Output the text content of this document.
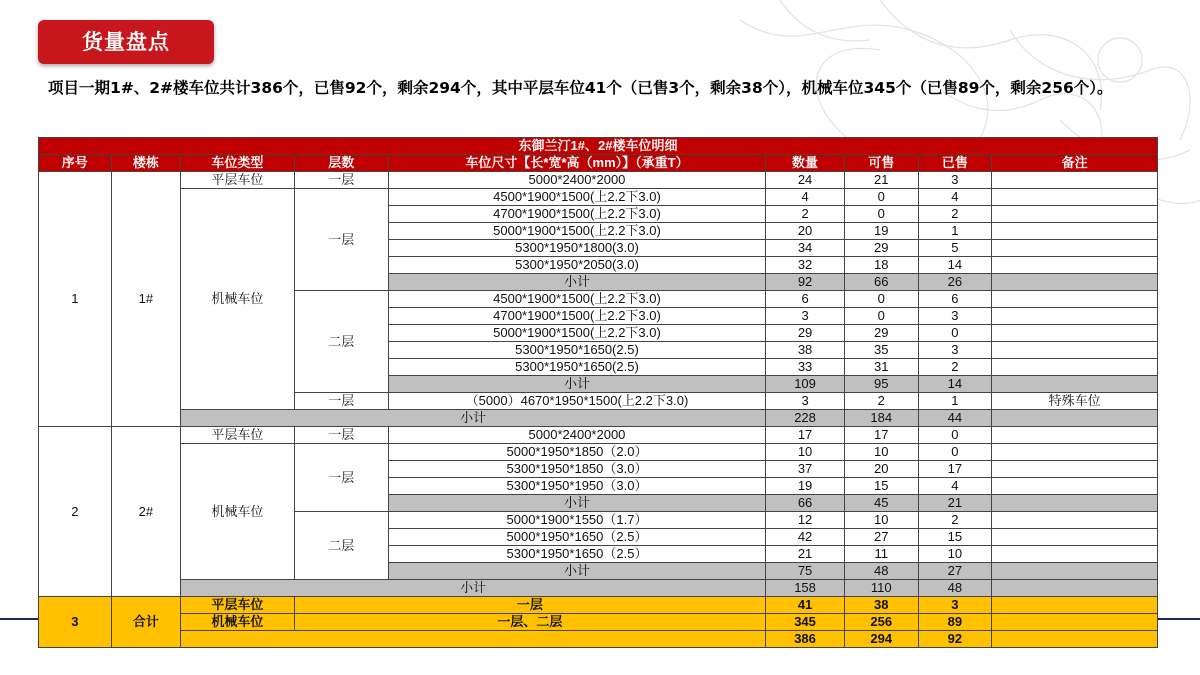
货量盘点
项目一期1#、2#楼车位共计386个，已售92个，剩余294个，其中平层车位41个（已售3个，剩余38个），机械车位345个（已售89个，剩余256个）。
东御兰汀1#、2#楼车位明细								
序号	楼栋	车位类型	层数	车位尺寸【长*宽*高（mm）】（承重T）	数量	可售	已售	备注
1	1#	平层车位	一层	5000*2400*2000	24	21	3	
		机械车位	一层	4500*1900*1500(上2.2下3.0)	4	0	4	
				4700*1900*1500(上2.2下3.0)	2	0	2	
				5000*1900*1500(上2.2下3.0)	20	19	1	
				5300*1950*1800(3.0)	34	29	5	
				5300*1950*2050(3.0)	32	18	14	
				小计	92	66	26	
			二层	4500*1900*1500(上2.2下3.0)	6	0	6	
				4700*1900*1500(上2.2下3.0)	3	0	3	
				5000*1900*1500(上2.2下3.0)	29	29	0	
				5300*1950*1650(2.5)	38	35	3	
				5300*1950*1650(2.5)	33	31	2	
				小计	109	95	14	
			一层	（5000）4670*1950*1500(上2.2下3.0)	3	2	1	特殊车位
		小计			228	184	44	
2	2#	平层车位	一层	5000*2400*2000	17	17	0	
		机械车位	一层	5000*1950*1850（2.0）	10	10	0	
				5300*1950*1850（3.0）	37	20	17	
				5300*1950*1950（3.0）	19	15	4	
				小计	66	45	21	
			二层	5000*1900*1550（1.7）	12	10	2	
				5000*1950*1650（2.5）	42	27	15	
				5300*1950*1650（2.5）	21	11	10	
				小计	75	48	27	
		小计			158	110	48	
3	合计	平层车位	一层		41	38	3	
		机械车位	一层、二层		345	256	89	
					386	294	92	
